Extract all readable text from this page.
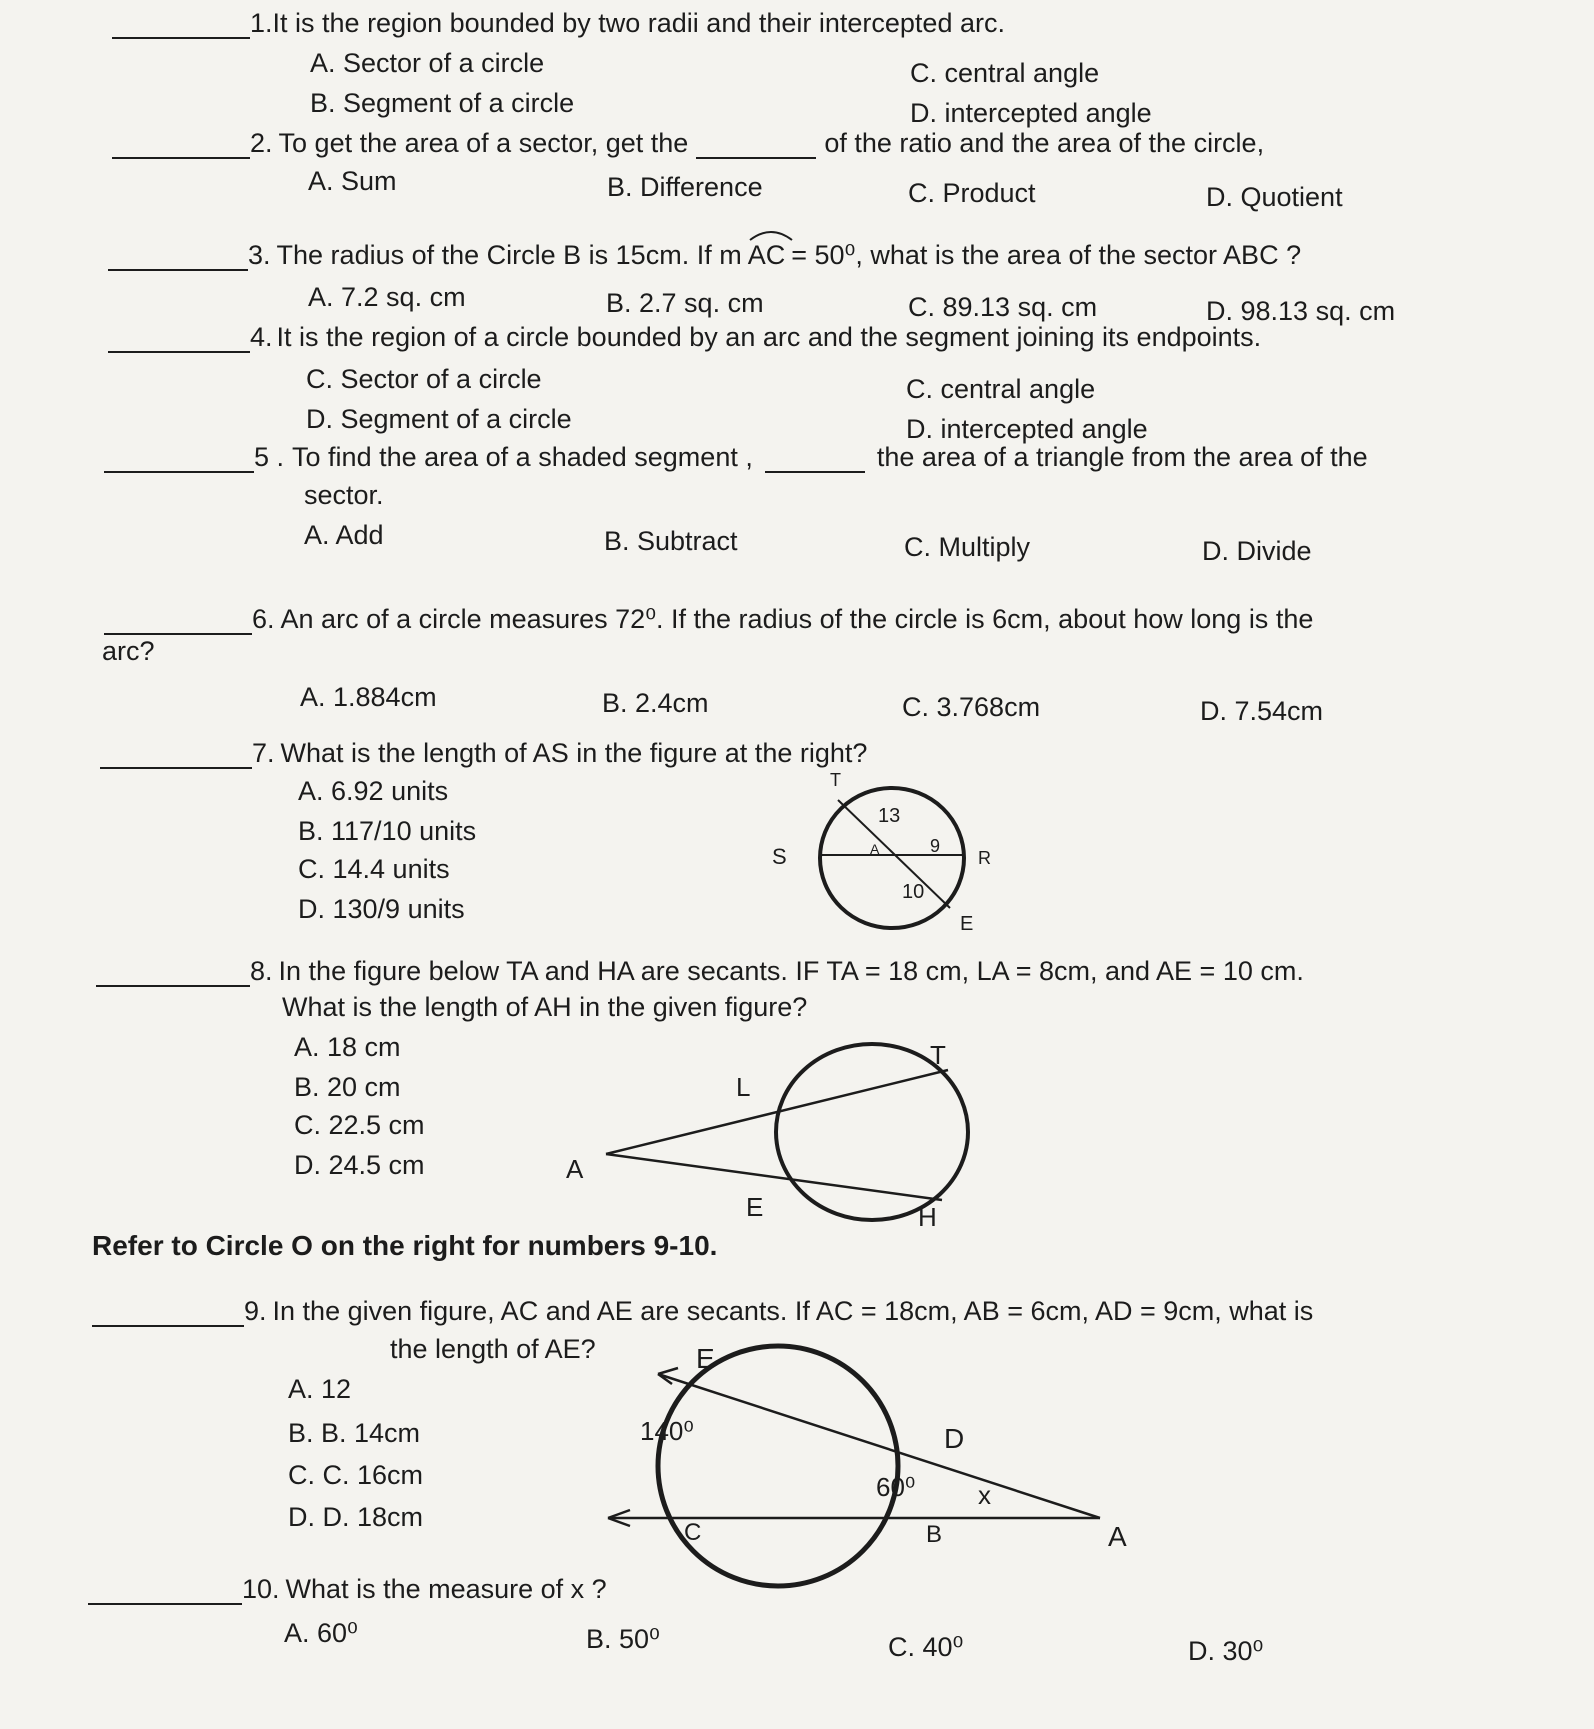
1. It is the region bounded by two radii and their intercepted arc.
A. Sector of a circle
B. Segment of a circle
C. central angle
D. intercepted angle
2. To get the area of a sector, get the	of the ratio and the area of the circle,
A. Sum	B. Difference	C. Product	D. Quotient
3. The radius of the Circle B is 15cm. If m AC = 50⁰, what is the area of the sector ABC ?
A. 7.2 sq. cm	B. 2.7 sq. cm	C. 89.13 sq. cm	D. 98.13 sq. cm
4. It is the region of a circle bounded by an arc and the segment joining its endpoints.
C. Sector of a circle
D. Segment of a circle
C. central angle
D. intercepted angle
5 . To find the area of a shaded segment ,	the area of a triangle from the area of the
sector.
A. Add	B. Subtract	C. Multiply	D. Divide
6. An arc of a circle measures 72⁰. If the radius of the circle is 6cm, about how long is the
arc?
A. 1.884cm	B. 2.4cm	C. 3.768cm	D. 7.54cm
7. What is the length of AS in the figure at the right?
A. 6.92 units
B. 117/10 units
C. 14.4 units
D. 130/9 units
T
13
S	A	9
R
10
E
8. In the figure below TA and HA are secants. IF TA = 18 cm, LA = 8cm, and AE = 10 cm.
What is the length of AH in the given figure?
A. 18 cm
B. 20 cm
C. 22.5 cm
D. 24.5 cm
T
L
A
E	H
Refer to Circle O on the right for numbers 9-10.
9. In the given figure, AC and AE are secants. If AC = 18cm, AB = 6cm, AD = 9cm, what is
the length of AE?
A. 12
B. B. 14cm
C. C. 16cm
D. D. 18cm
E
140⁰	D
60⁰ x
C	B	A
10. What is the measure of x ?
A. 60⁰	B. 50⁰	C. 40⁰	D. 30⁰
